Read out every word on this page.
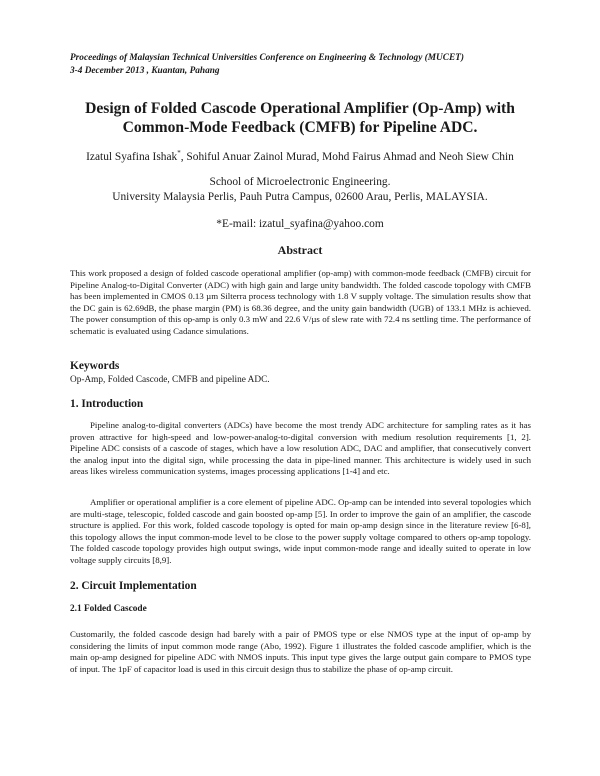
Proceedings of Malaysian Technical Universities Conference on Engineering & Technology (MUCET)
3-4 December 2013 , Kuantan, Pahang
Design of Folded Cascode Operational Amplifier (Op-Amp) with
Common-Mode Feedback (CMFB) for Pipeline ADC.
Izatul Syafina Ishak*, Sohiful Anuar Zainol Murad, Mohd Fairus Ahmad and Neoh Siew Chin
School of Microelectronic Engineering.
University Malaysia Perlis, Pauh Putra Campus, 02600 Arau, Perlis, MALAYSIA.
*E-mail: izatul_syafina@yahoo.com
Abstract
This work proposed a design of folded cascode operational amplifier (op-amp) with common-mode feedback (CMFB) circuit for Pipeline Analog-to-Digital Converter (ADC) with high gain and large unity bandwidth. The folded cascode topology with CMFB has been implemented in CMOS 0.13 µm Silterra process technology with 1.8 V supply voltage. The simulation results show that the DC gain is 62.69dB, the phase margin (PM) is 68.36 degree, and the unity gain bandwidth (UGB) of 133.1 MHz is achieved. The power consumption of this op-amp is only 0.3 mW and 22.6 V/µs of slew rate with 72.4 ns settling time. The performance of schematic is evaluated using Cadance simulations.
Keywords
Op-Amp, Folded Cascode, CMFB and pipeline ADC.
1. Introduction
Pipeline analog-to-digital converters (ADCs) have become the most trendy ADC architecture for sampling rates as it has proven attractive for high-speed and low-power-analog-to-digital conversion with medium resolution requirements [1, 2]. Pipeline ADC consists of a cascode of stages, which have a low resolution ADC, DAC and amplifier, that consecutively convert the analog input into the digital sign, while processing the data in pipe-lined manner. This architecture is widely used in such areas likes wireless communication systems, images processing applications [1-4] and etc.
Amplifier or operational amplifier is a core element of pipeline ADC. Op-amp can be intended into several topologies which are multi-stage, telescopic, folded cascode and gain boosted op-amp [5]. In order to improve the gain of an amplifier, the cascode structure is applied. For this work, folded cascode topology is opted for main op-amp design since in the literature review [6-8], this topology allows the input common-mode level to be close to the power supply voltage compared to others op-amp topology. The folded cascode topology provides high output swings, wide input common-mode range and ideally suited to operate in low voltage supply circuits [8,9].
2. Circuit Implementation
2.1 Folded Cascode
Customarily, the folded cascode design had barely with a pair of PMOS type or else NMOS type at the input of op-amp by considering the limits of input common mode range (Abo, 1992). Figure 1 illustrates the folded cascode amplifier, which is the main op-amp designed for pipeline ADC with NMOS inputs. This input type gives the large output gain compare to PMOS type of input. The 1pF of capacitor load is used in this circuit design thus to stabilize the phase of op-amp circuit.
